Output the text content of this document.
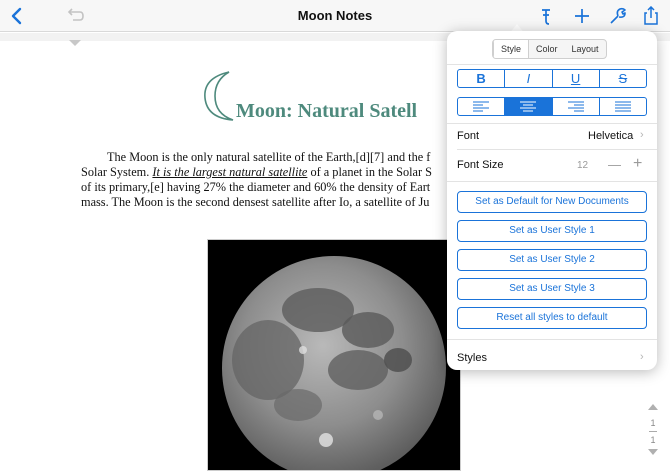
Moon Notes
Moon: Natural Satell
The Moon is the only natural satellite of the Earth,[d][7] and the f
Solar System. It is the largest natural satellite of a planet in the Solar S
of its primary,[e] having 27% the diameter and 60% the density of Eart
mass. The Moon is the second densest satellite after Io, a satellite of Ju
1
1
Style	Color	Layout
B	I	U	S
Font	Helvetica ›
Font Size	12 — +
Set as Default for New Documents
Set as User Style 1
Set as User Style 2
Set as User Style 3
Reset all styles to default
Styles	›
